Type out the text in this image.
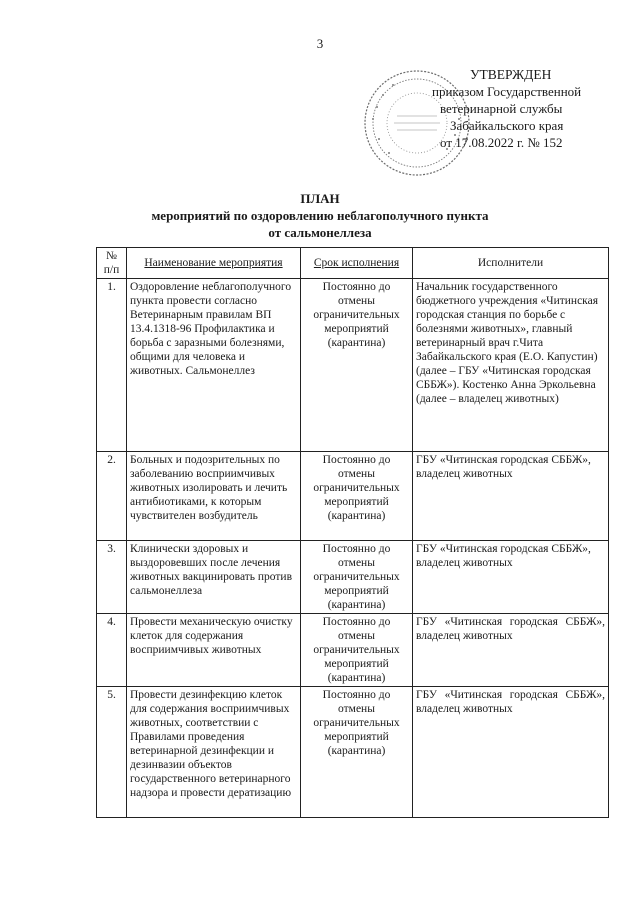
3
УТВЕРЖДЕН
приказом Государственной
ветеринарной службы
Забайкальского края
от 17.08.2022 г. № 152
ПЛАН
мероприятий по оздоровлению неблагополучного пункта
от сальмонеллеза
№ п/п	Наименование мероприятия	Срок исполнения	Исполнители
1.	Оздоровление неблагополучного пункта провести согласно Ветеринарным правилам ВП 13.4.1318-96 Профилактика и борьба с заразными болезнями, общими для человека и животных. Сальмонеллез	Постоянно до отмены ограничительных мероприятий (карантина)	Начальник государственного бюджетного учреждения «Читинская городская станция по борьбе с болезнями животных», главный ветеринарный врач г.Чита Забайкальского края (Е.О. Капустин) (далее – ГБУ «Читинская городская СББЖ»). Костенко Анна Эркольевна (далее – владелец животных)
2.	Больных и подозрительных по заболеванию восприимчивых животных изолировать и лечить антибиотиками, к которым чувствителен возбудитель	Постоянно до отмены ограничительных мероприятий (карантина)	ГБУ «Читинская городская СББЖ», владелец животных
3.	Клинически здоровых и выздоровевших после лечения животных вакцинировать против сальмонеллеза	Постоянно до отмены ограничительных мероприятий (карантина)	ГБУ «Читинская городская СББЖ», владелец животных
4.	Провести механическую очистку клеток для содержания восприимчивых животных	Постоянно до отмены ограничительных мероприятий (карантина)	ГБУ «Читинская городская СББЖ», владелец животных
5.	Провести дезинфекцию клеток для содержания восприимчивых животных, соответствии с Правилами проведения ветеринарной дезинфекции и дезинвазии объектов государственного ветеринарного надзора и провести дератизацию	Постоянно до отмены ограничительных мероприятий (карантина)	ГБУ «Читинская городская СББЖ», владелец животных
